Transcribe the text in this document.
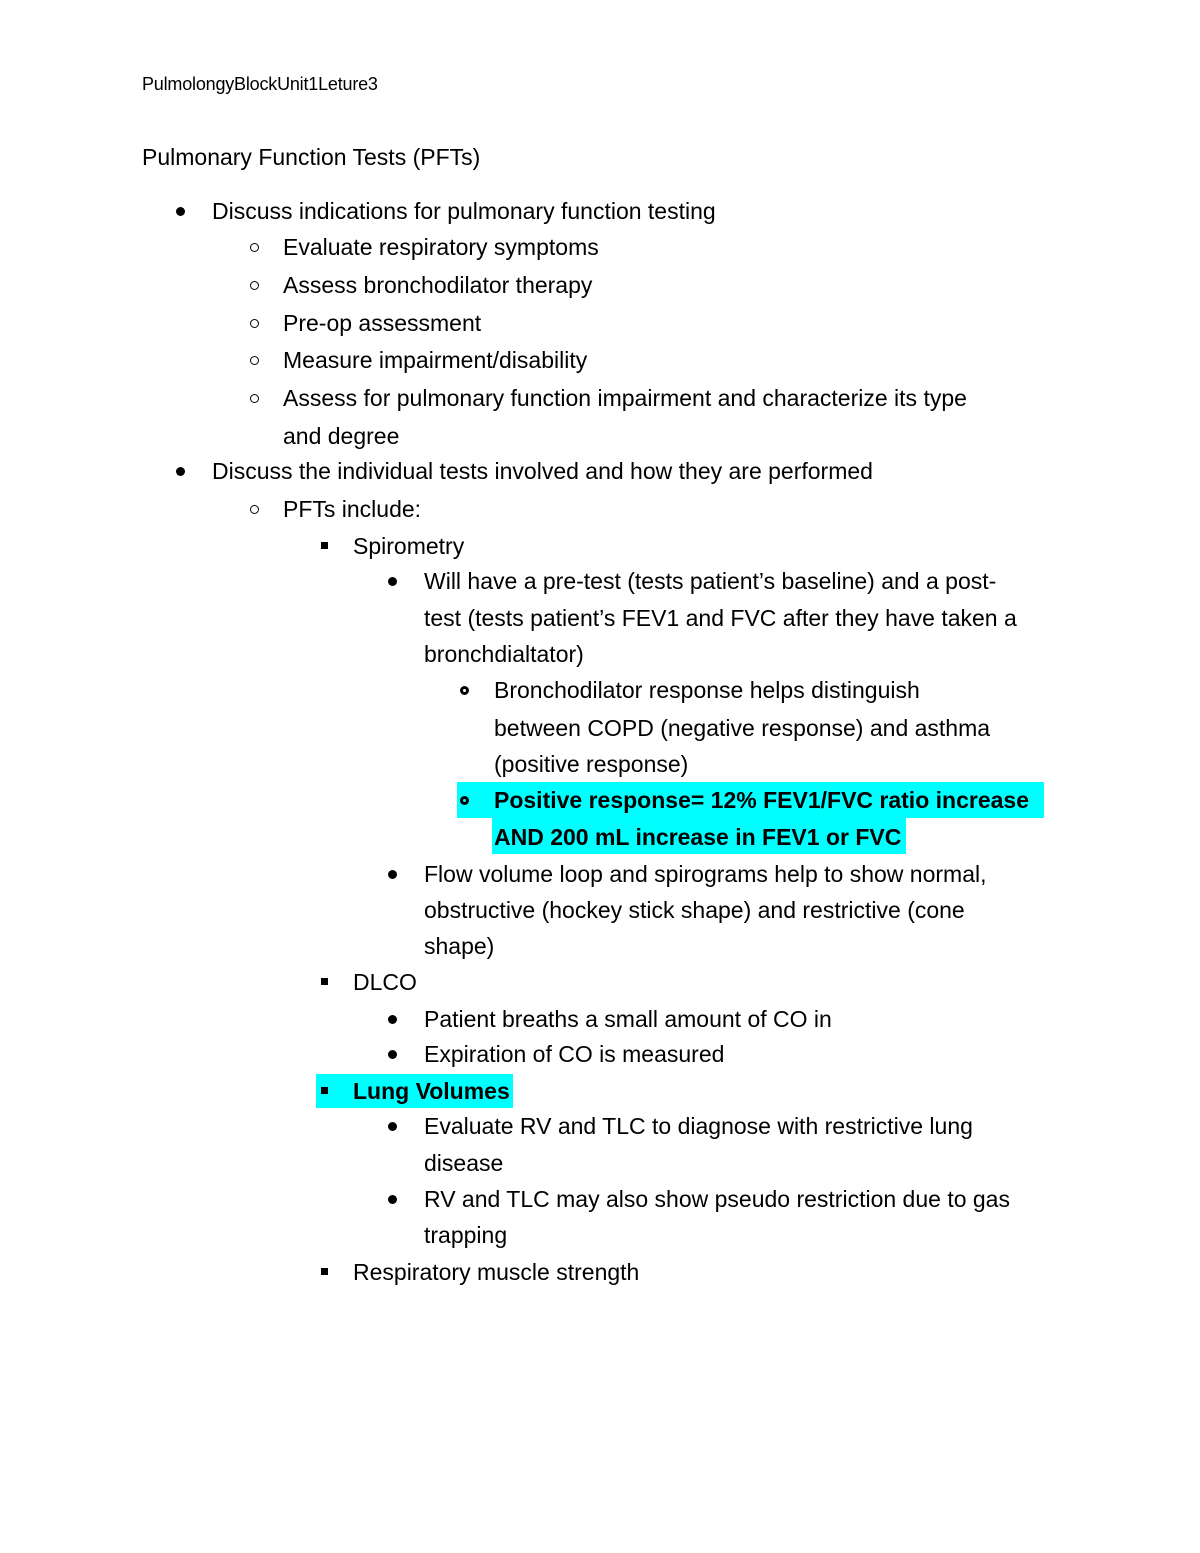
PulmolongyBlockUnit1Leture3
Pulmonary Function Tests (PFTs)
Discuss indications for pulmonary function testing
Evaluate respiratory symptoms
Assess bronchodilator therapy
Pre-op assessment
Measure impairment/disability
Assess for pulmonary function impairment and characterize its type
and degree
Discuss the individual tests involved and how they are performed
PFTs include:
Spirometry
Will have a pre-test (tests patient’s baseline) and a post-
test (tests patient’s FEV1 and FVC after they have taken a
bronchdialtator)
Bronchodilator response helps distinguish
between COPD (negative response) and asthma
(positive response)
Positive response= 12% FEV1/FVC ratio increase
AND 200 mL increase in FEV1 or FVC
Flow volume loop and spirograms help to show normal,
obstructive (hockey stick shape) and restrictive (cone
shape)
DLCO
Patient breaths a small amount of CO in
Expiration of CO is measured
Lung Volumes
Evaluate RV and TLC to diagnose with restrictive lung
disease
RV and TLC may also show pseudo restriction due to gas
trapping
Respiratory muscle strength
